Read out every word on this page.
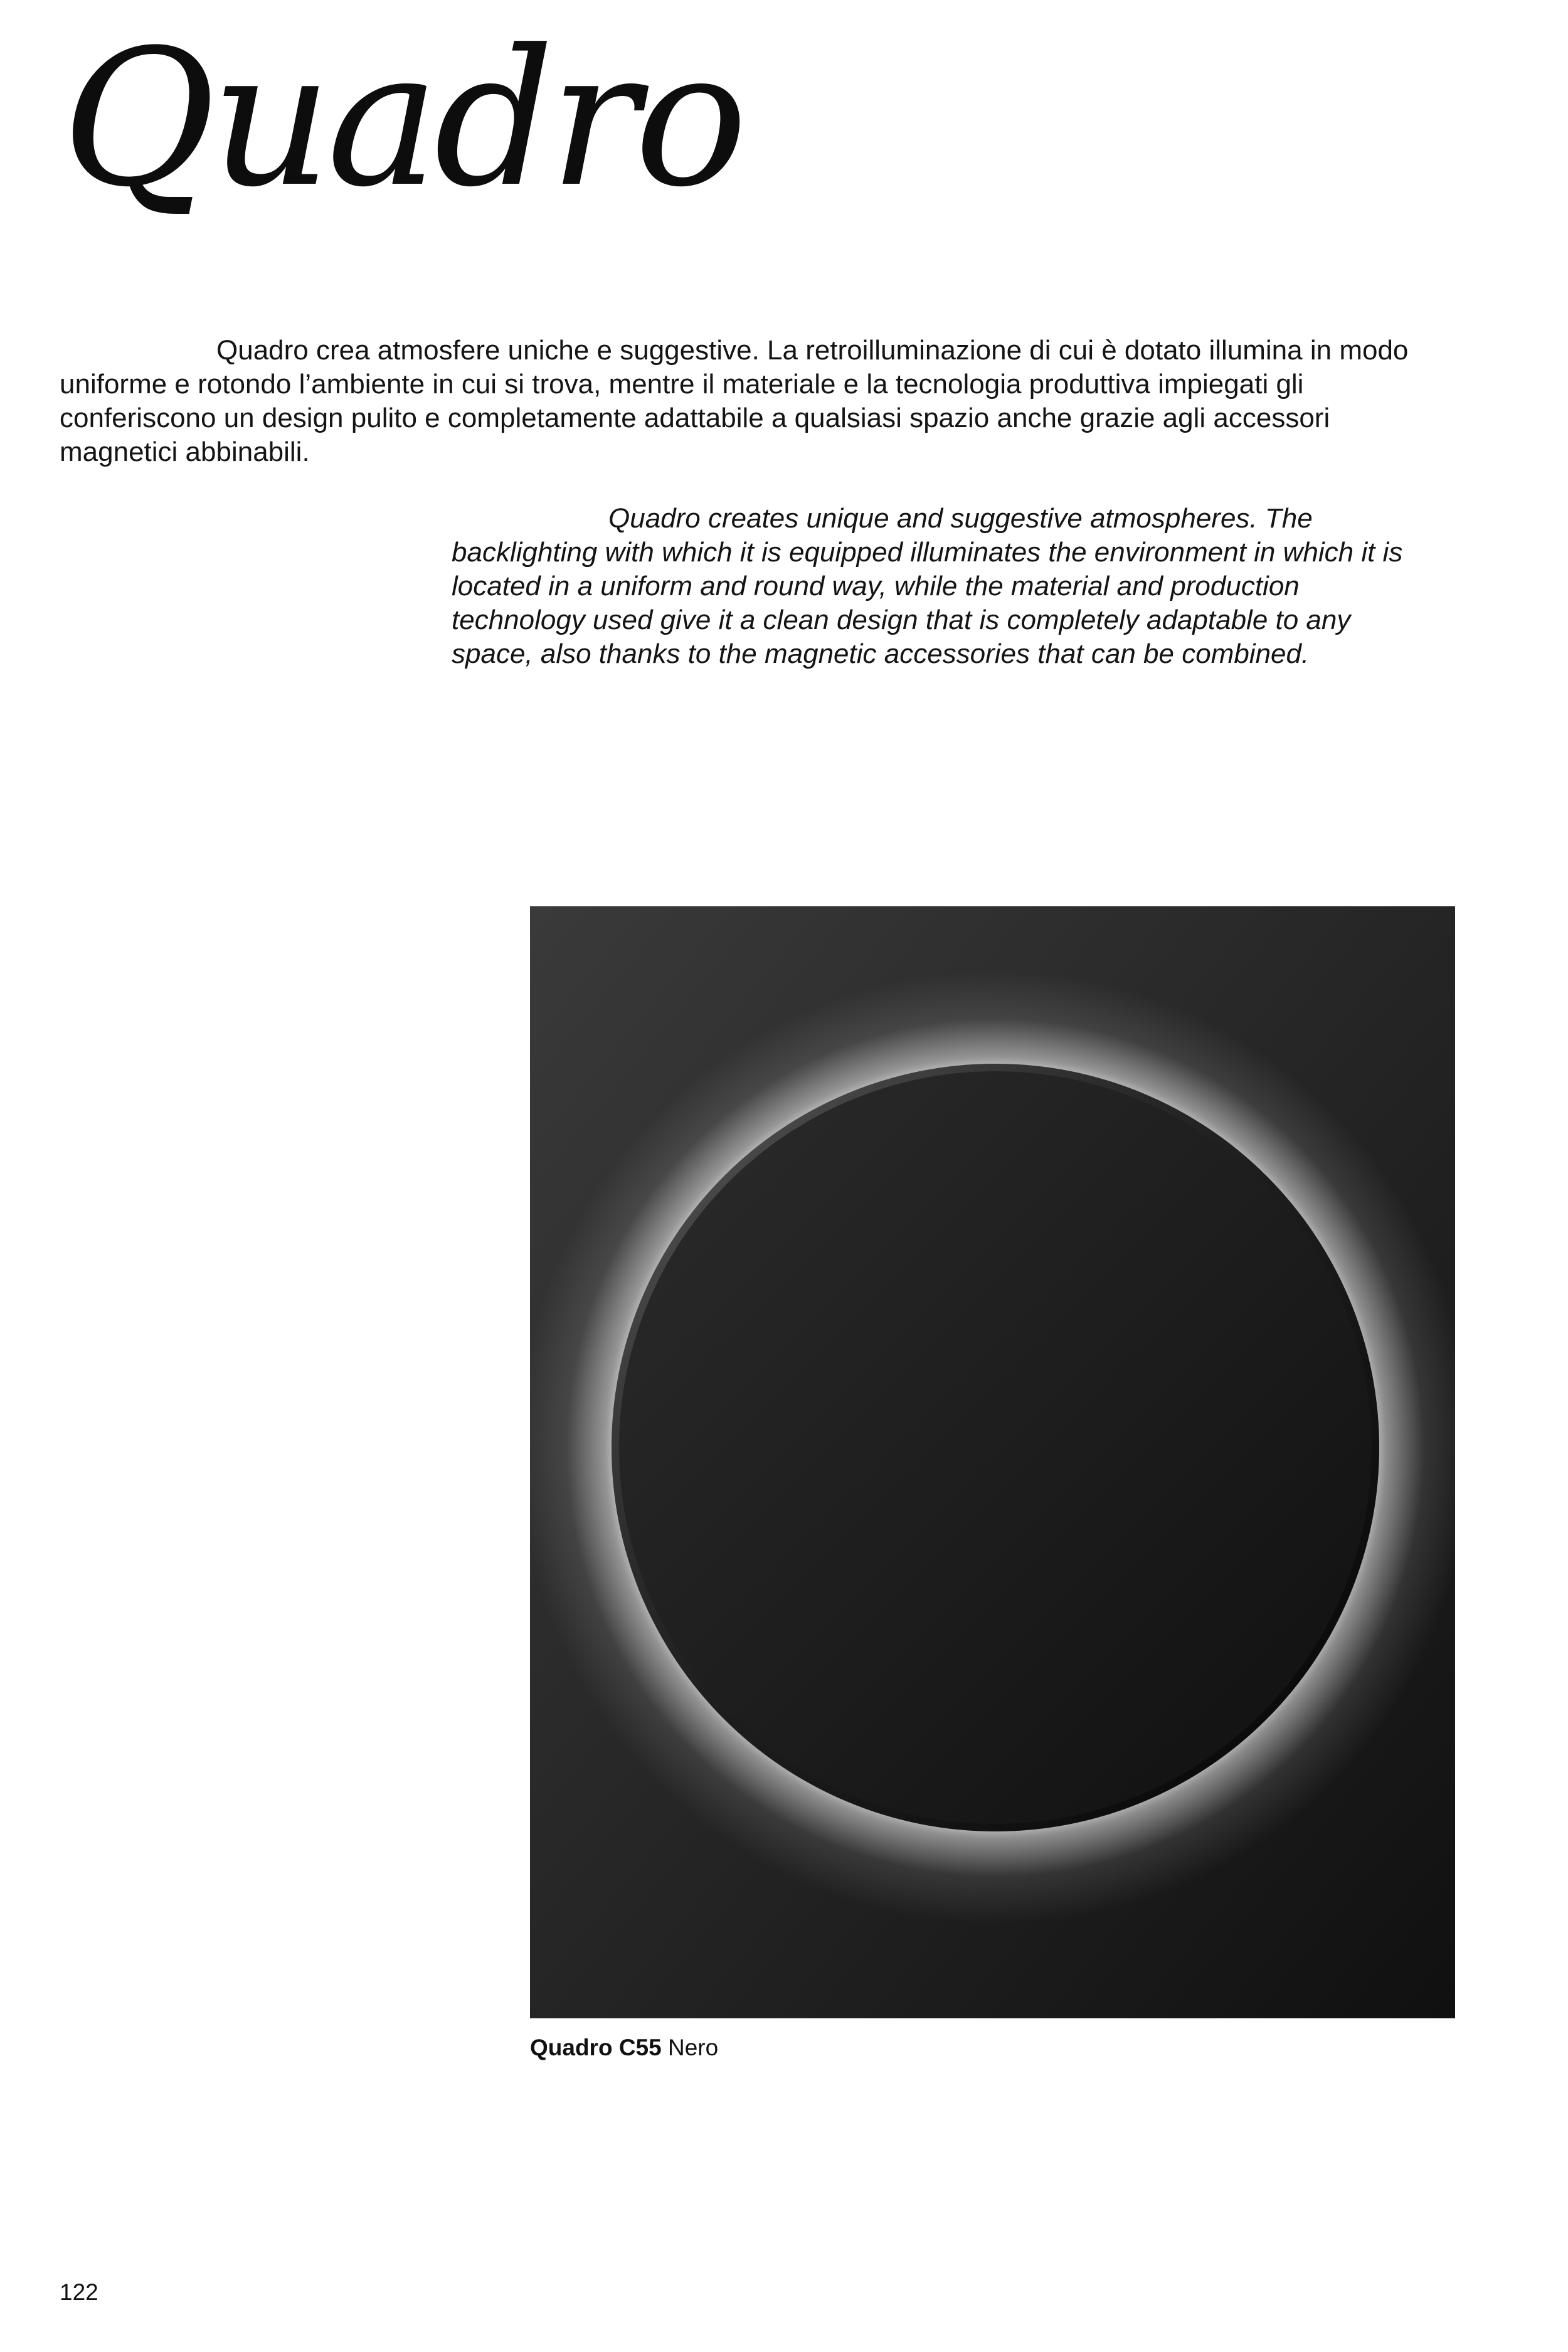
Quadro

Quadro crea atmosfere uniche e suggestive. La retroilluminazione di cui è dotato illumina in modo uniforme e rotondo l’ambiente in cui si trova, mentre il materiale e la tecnologia produttiva impiegati gli conferiscono un design pulito e completamente adattabile a qualsiasi spazio anche grazie agli accessori magnetici abbinabili.

Quadro creates unique and suggestive atmospheres. The backlighting with which it is equipped illuminates the environment in which it is located in a uniform and round way, while the material and production technology used give it a clean design that is completely adaptable to any space, also thanks to the magnetic accessories that can be combined.

Quadro C55 Nero

122
